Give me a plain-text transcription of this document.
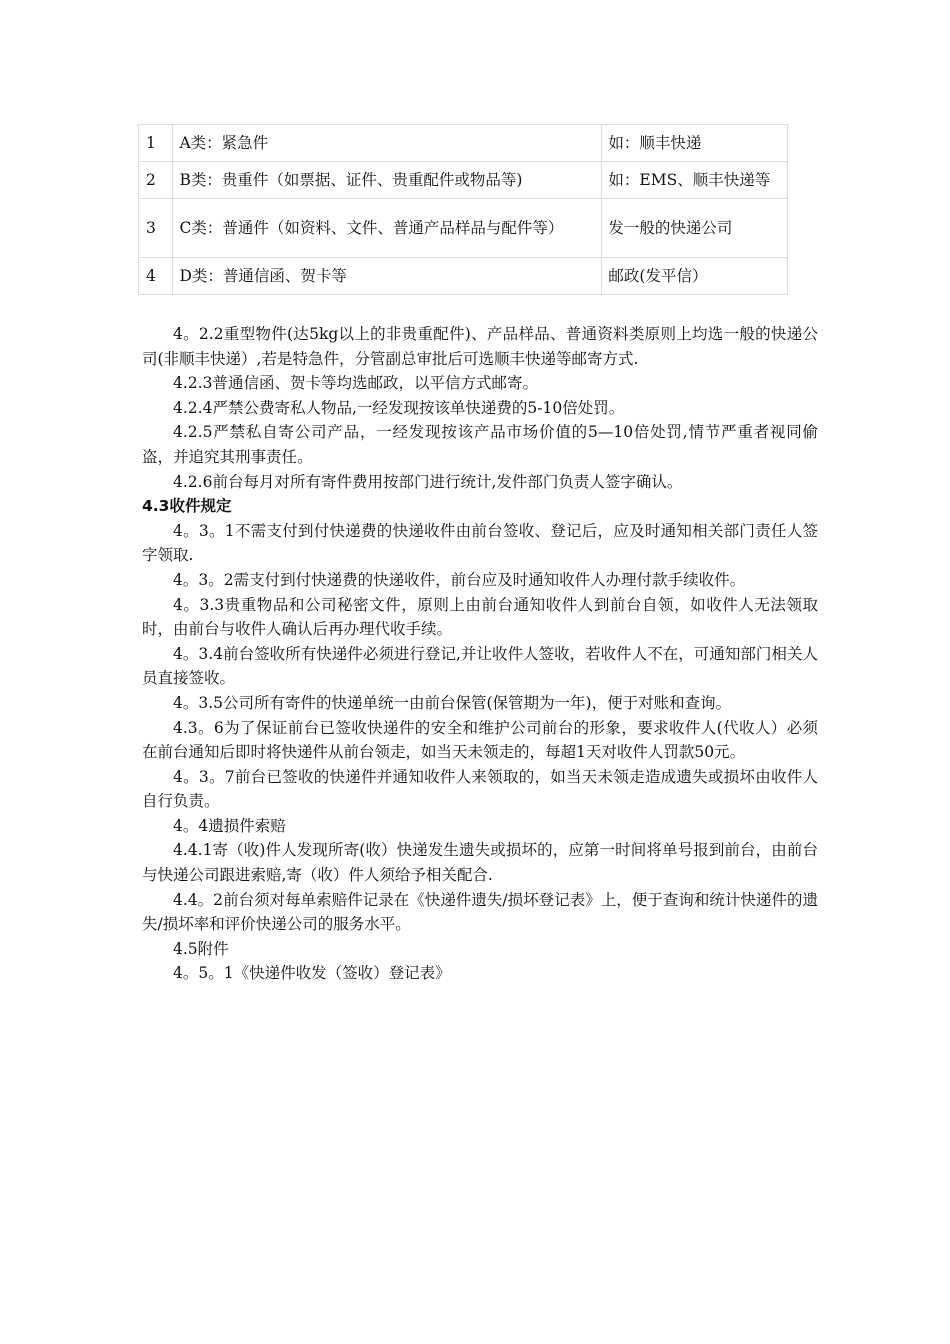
1	A类：紧急件	如：顺丰快递
2	B类：贵重件（如票据、证件、贵重配件或物品等)	如：EMS、顺丰快递等
3	C类：普通件（如资料、文件、普通产品样品与配件等）	发一般的快递公司
4	D类：普通信函、贺卡等	邮政(发平信）

4。2.2重型物件(达5kg以上的非贵重配件)、产品样品、普通资料类原则上均选一般的快递公司(非顺丰快递）,若是特急件，分管副总审批后可选顺丰快递等邮寄方式.

4.2.3普通信函、贺卡等均选邮政，以平信方式邮寄。

4.2.4严禁公费寄私人物品,一经发现按该单快递费的5-10倍处罚。

4.2.5严禁私自寄公司产品，一经发现按该产品市场价值的5—10倍处罚,情节严重者视同偷盗，并追究其刑事责任。

4.2.6前台每月对所有寄件费用按部门进行统计,发件部门负责人签字确认。

4.3收件规定

4。3。1不需支付到付快递费的快递收件由前台签收、登记后，应及时通知相关部门责任人签字领取.

4。3。2需支付到付快递费的快递收件，前台应及时通知收件人办理付款手续收件。

4。3.3贵重物品和公司秘密文件，原则上由前台通知收件人到前台自领，如收件人无法领取时，由前台与收件人确认后再办理代收手续。

4。3.4前台签收所有快递件必须进行登记,并让收件人签收，若收件人不在，可通知部门相关人员直接签收。

4。3.5公司所有寄件的快递单统一由前台保管(保管期为一年)，便于对账和查询。

4.3。6为了保证前台已签收快递件的安全和维护公司前台的形象，要求收件人(代收人）必须在前台通知后即时将快递件从前台领走，如当天未领走的，每超1天对收件人罚款50元。

4。3。7前台已签收的快递件并通知收件人来领取的，如当天未领走造成遗失或损坏由收件人自行负责。

4。4遗损件索赔

4.4.1寄（收)件人发现所寄(收）快递发生遗失或损坏的，应第一时间将单号报到前台，由前台与快递公司跟进索赔,寄（收）件人须给予相关配合.

4.4。2前台须对每单索赔件记录在《快递件遗失/损坏登记表》上，便于查询和统计快递件的遗失/损坏率和评价快递公司的服务水平。

4.5附件

4。5。1《快递件收发（签收）登记表》
